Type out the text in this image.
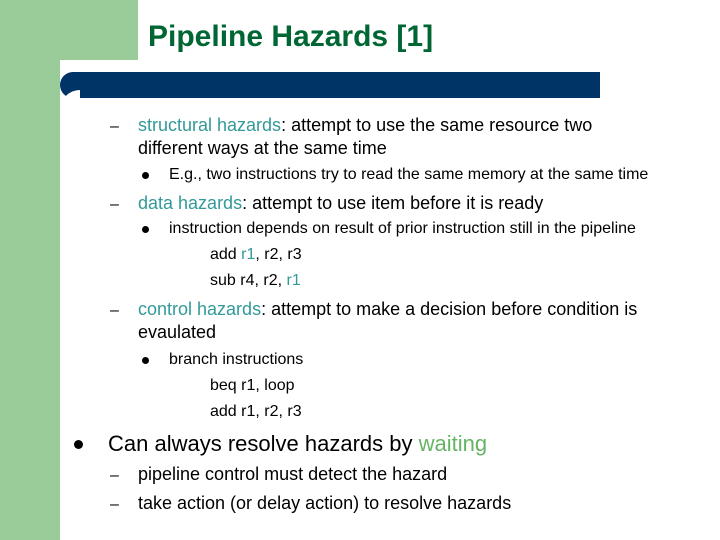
Pipeline Hazards [1]
– structural hazards: attempt to use the same resource two
different ways at the same time
E.g., two instructions try to read the same memory at the same time
– data hazards: attempt to use item before it is ready
instruction depends on result of prior instruction still in the pipeline
add r1, r2, r3
sub r4, r2, r1
– control hazards: attempt to make a decision before condition is
evaulated
branch instructions
beq r1, loop
add r1, r2, r3
Can always resolve hazards by waiting
– pipeline control must detect the hazard
– take action (or delay action) to resolve hazards
